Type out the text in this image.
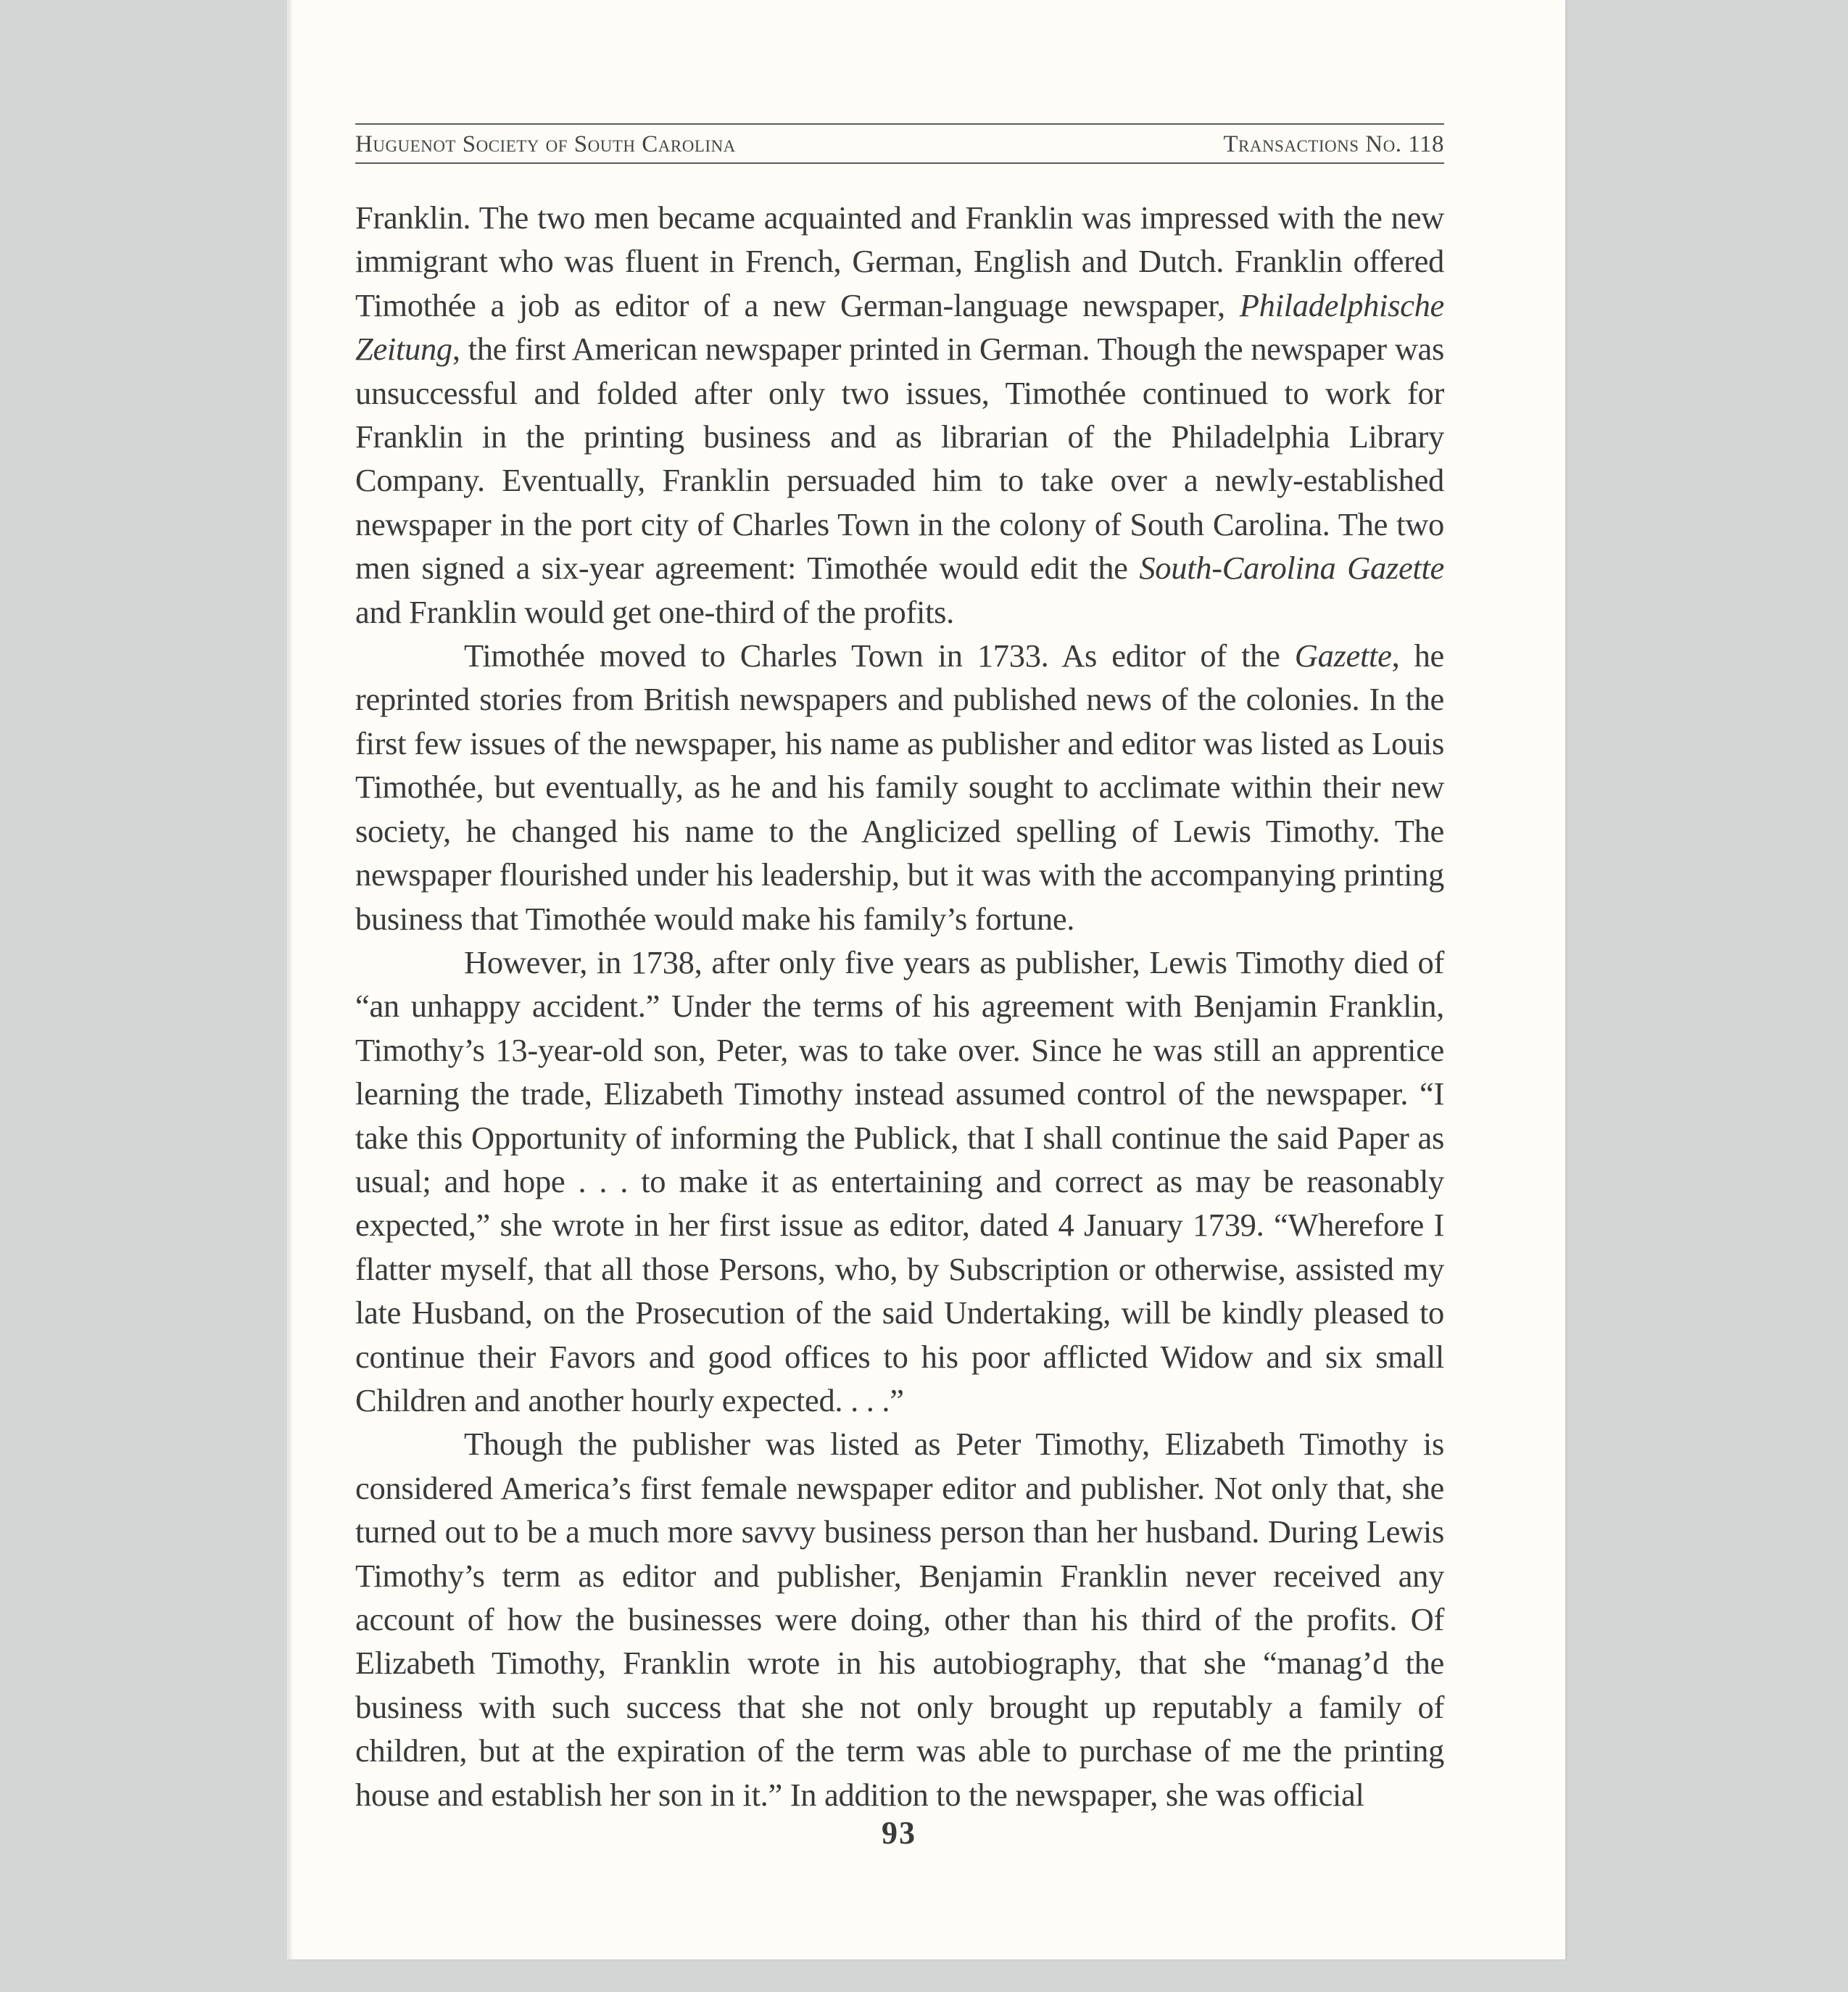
Huguenot Society of South Carolina	Transactions No. 118

Franklin. The two men became acquainted and Franklin was impressed with the new immigrant who was fluent in French, German, English and Dutch. Franklin offered Timothée a job as editor of a new German-language newspaper, Philadelphische Zeitung, the first American newspaper printed in German. Though the newspaper was unsuccessful and folded after only two issues, Timothée continued to work for Franklin in the printing business and as librarian of the Philadelphia Library Company. Eventually, Franklin persuaded him to take over a newly-established newspaper in the port city of Charles Town in the colony of South Carolina. The two men signed a six-year agreement: Timothée would edit the South-Carolina Gazette and Franklin would get one-third of the profits.

Timothée moved to Charles Town in 1733. As editor of the Gazette, he reprinted stories from British newspapers and published news of the colonies. In the first few issues of the newspaper, his name as publisher and editor was listed as Louis Timothée, but eventually, as he and his family sought to acclimate within their new society, he changed his name to the Anglicized spelling of Lewis Timothy. The newspaper flourished under his leadership, but it was with the accompanying printing business that Timothée would make his family’s fortune.

However, in 1738, after only five years as publisher, Lewis Timothy died of “an unhappy accident.” Under the terms of his agreement with Benjamin Franklin, Timothy’s 13-year-old son, Peter, was to take over. Since he was still an apprentice learning the trade, Elizabeth Timothy instead assumed control of the newspaper. “I take this Opportunity of informing the Publick, that I shall continue the said Paper as usual; and hope . . . to make it as entertaining and correct as may be reasonably expected,” she wrote in her first issue as editor, dated 4 January 1739. “Wherefore I flatter myself, that all those Persons, who, by Subscription or otherwise, assisted my late Husband, on the Prosecution of the said Undertaking, will be kindly pleased to continue their Favors and good offices to his poor afflicted Widow and six small Children and another hourly expected. . . .”

Though the publisher was listed as Peter Timothy, Elizabeth Timothy is considered America’s first female newspaper editor and publisher. Not only that, she turned out to be a much more savvy business person than her husband. During Lewis Timothy’s term as editor and publisher, Benjamin Franklin never received any account of how the businesses were doing, other than his third of the profits. Of Elizabeth Timothy, Franklin wrote in his autobiography, that she “manag’d the business with such success that she not only brought up reputably a family of children, but at the expiration of the term was able to purchase of me the printing house and establish her son in it.” In addition to the newspaper, she was official

93
